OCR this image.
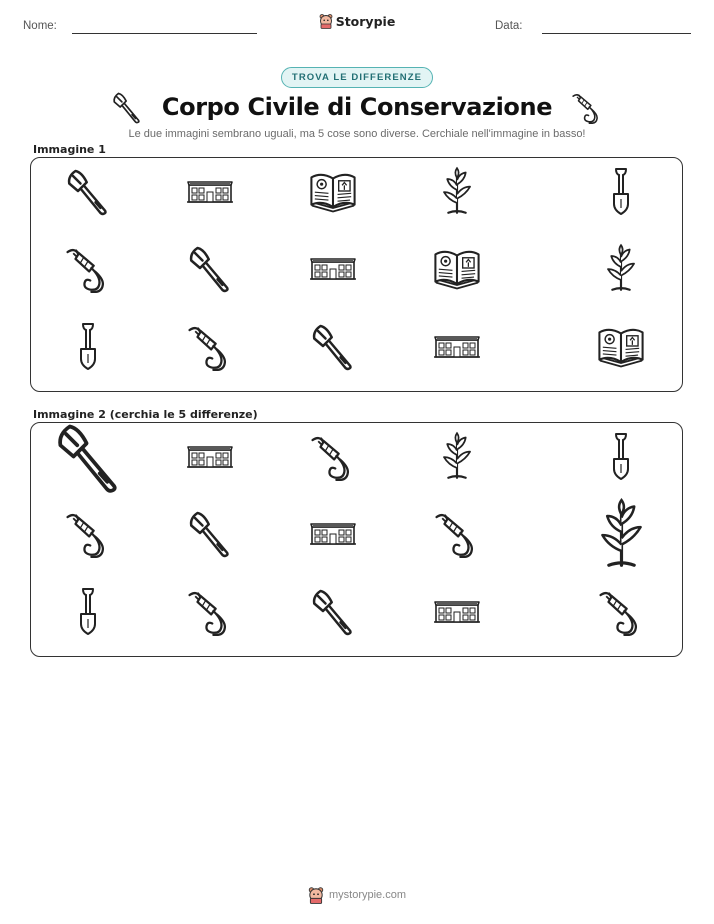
Nome:	Storypie	Data:
TROVA LE DIFFERENZE
Corpo Civile di Conservazione
Le due immagini sembrano uguali, ma 5 cose sono diverse. Cerchiale nell'immagine in basso!
Immagine 1
Immagine 2 (cerchia le 5 differenze)
mystorypie.com
